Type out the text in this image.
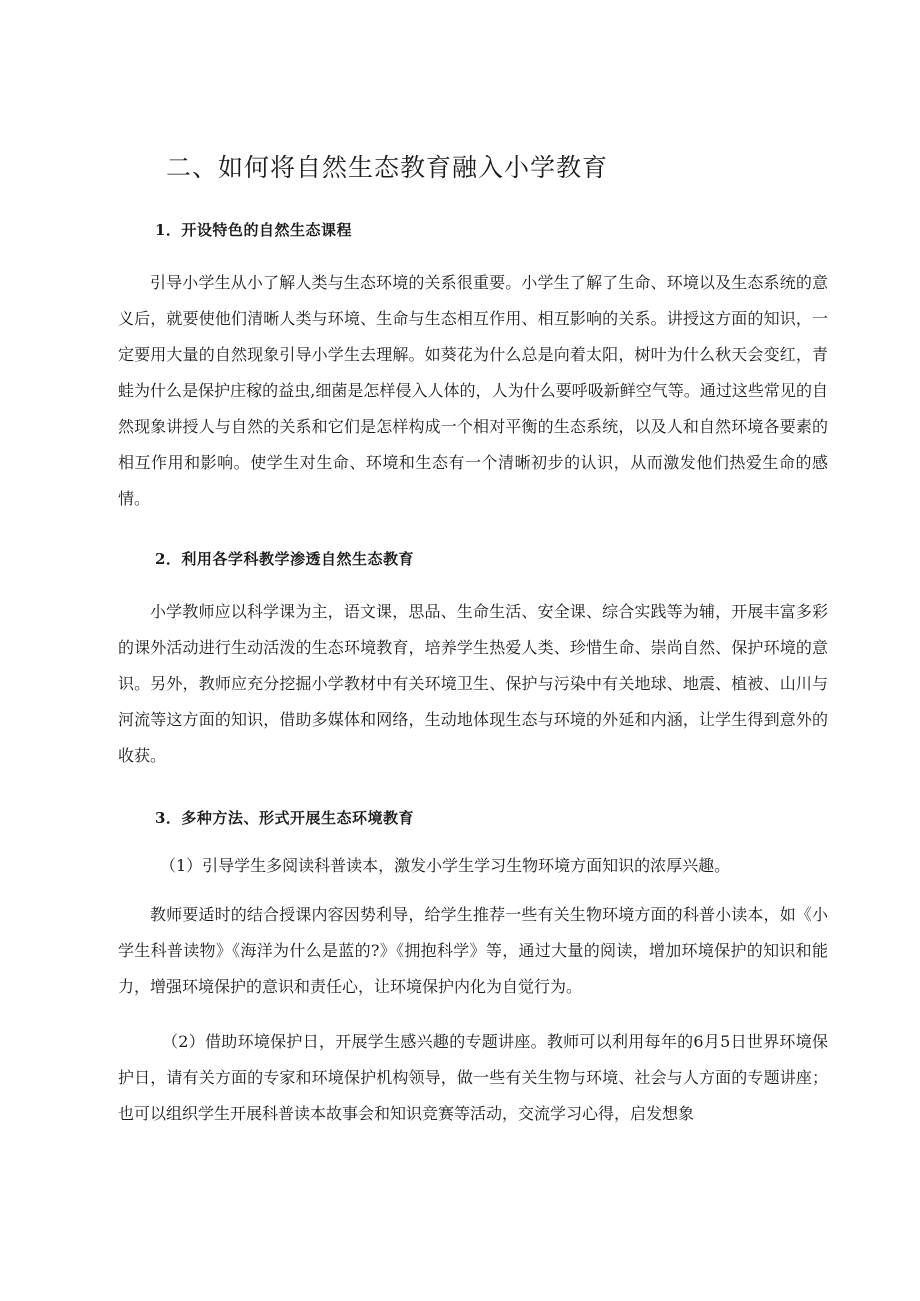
二、如何将自然生态教育融入小学教育
1．开设特色的自然生态课程

引导小学生从小了解人类与生态环境的关系很重要。小学生了解了生命、环境以及生态系统的意义后，就要使他们清晰人类与环境、生命与生态相互作用、相互影响的关系。讲授这方面的知识，一定要用大量的自然现象引导小学生去理解。如葵花为什么总是向着太阳，树叶为什么秋天会变红，青蛙为什么是保护庄稼的益虫,细菌是怎样侵入人体的，人为什么要呼吸新鲜空气等。通过这些常见的自然现象讲授人与自然的关系和它们是怎样构成一个相对平衡的生态系统，以及人和自然环境各要素的相互作用和影响。使学生对生命、环境和生态有一个清晰初步的认识，从而激发他们热爱生命的感情。

2．利用各学科教学渗透自然生态教育

小学教师应以科学课为主，语文课，思品、生命生活、安全课、综合实践等为辅，开展丰富多彩的课外活动进行生动活泼的生态环境教育，培养学生热爱人类、珍惜生命、崇尚自然、保护环境的意识。另外，教师应充分挖掘小学教材中有关环境卫生、保护与污染中有关地球、地震、植被、山川与河流等这方面的知识，借助多媒体和网络，生动地体现生态与环境的外延和内涵，让学生得到意外的收获。

3．多种方法、形式开展生态环境教育

（1）引导学生多阅读科普读本，激发小学生学习生物环境方面知识的浓厚兴趣。

教师要适时的结合授课内容因势利导，给学生推荐一些有关生物环境方面的科普小读本，如《小学生科普读物》《海洋为什么是蓝的?》《拥抱科学》等，通过大量的阅读，增加环境保护的知识和能力，增强环境保护的意识和责任心，让环境保护内化为自觉行为。

（2）借助环境保护日，开展学生感兴趣的专题讲座。教师可以利用每年的6月5日世界环境保护日，请有关方面的专家和环境保护机构领导，做一些有关生物与环境、社会与人方面的专题讲座；也可以组织学生开展科普读本故事会和知识竞赛等活动，交流学习心得，启发想象
